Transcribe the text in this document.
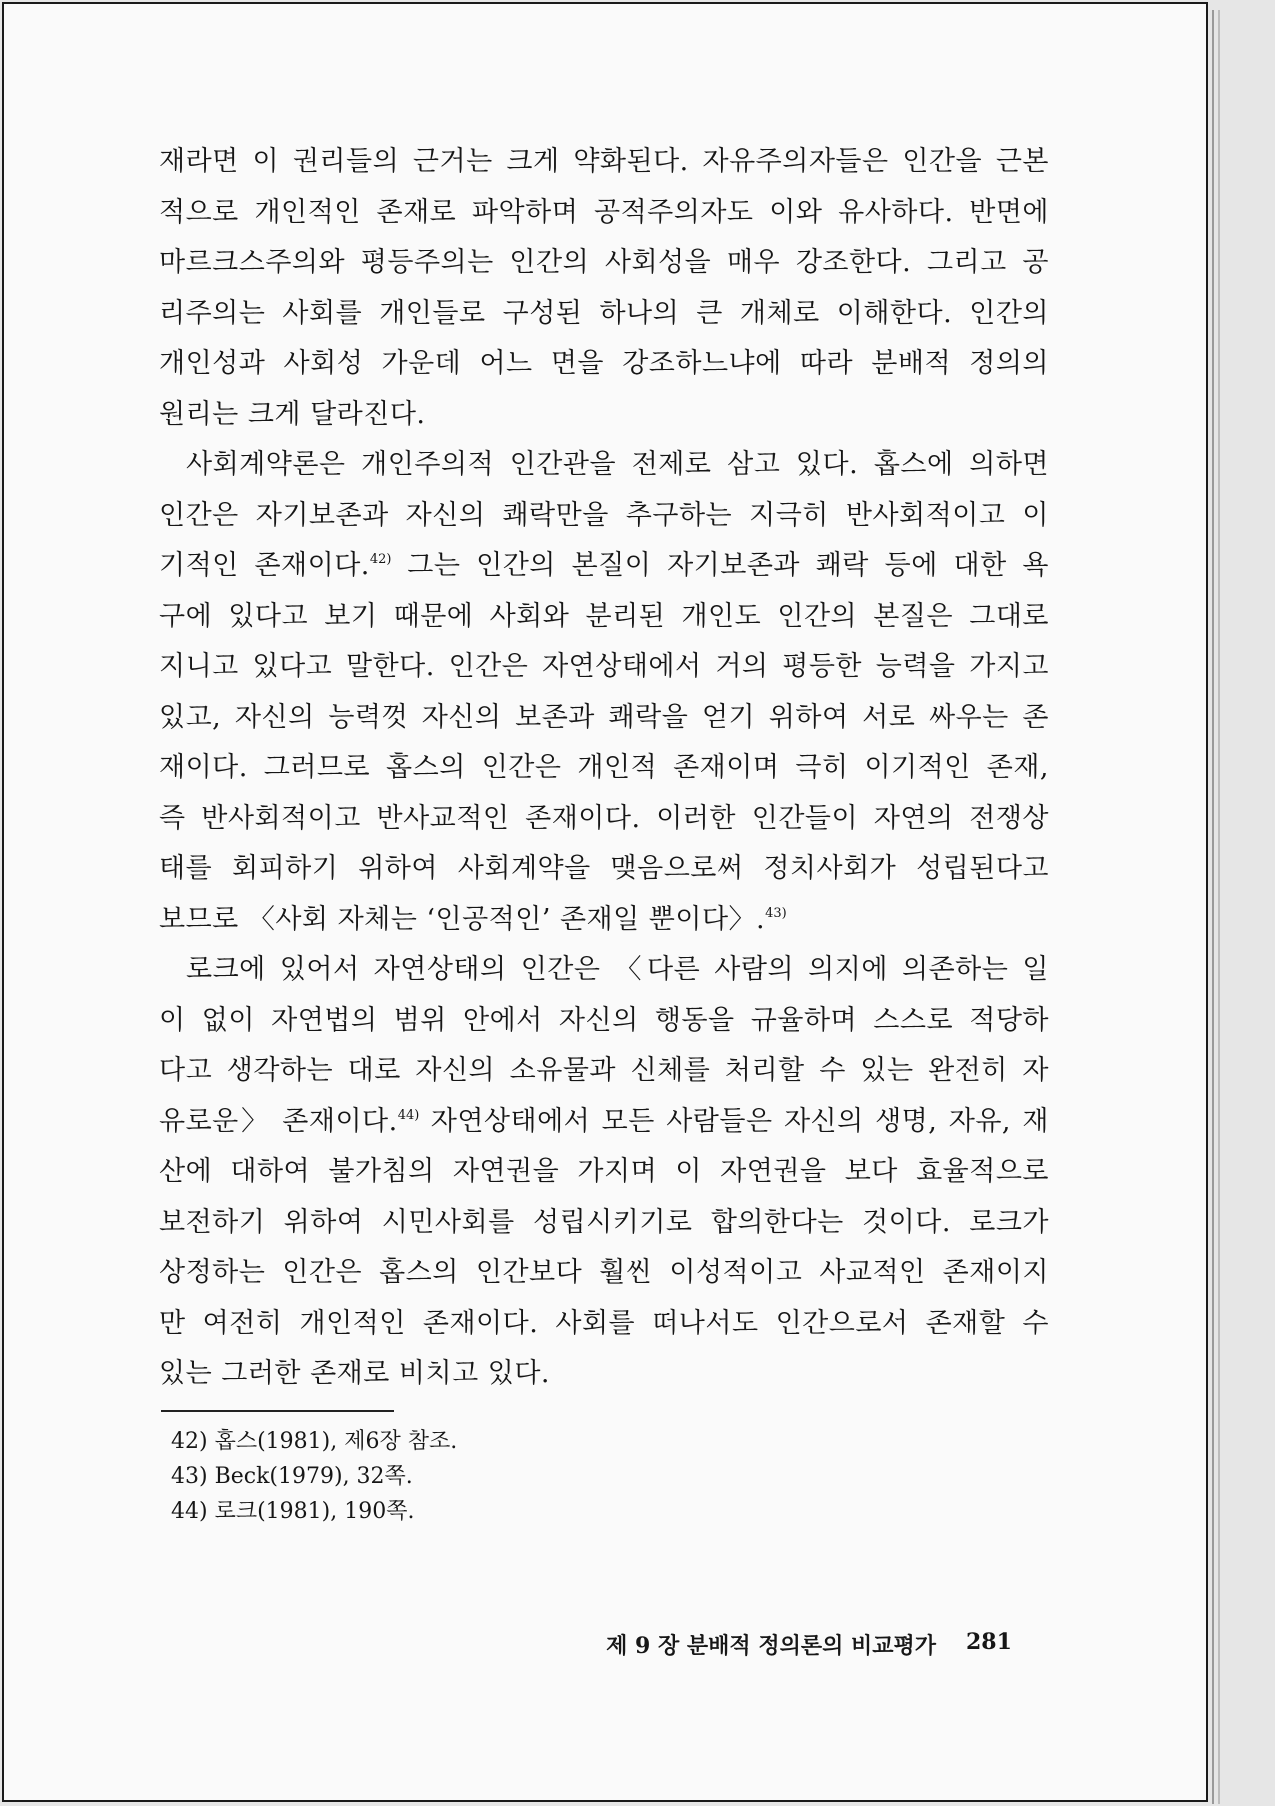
재라면 이 권리들의 근거는 크게 약화된다. 자유주의자들은 인간을 근본
적으로 개인적인 존재로 파악하며 공적주의자도 이와 유사하다. 반면에
마르크스주의와 평등주의는 인간의 사회성을 매우 강조한다. 그리고 공
리주의는 사회를 개인들로 구성된 하나의 큰 개체로 이해한다. 인간의
개인성과 사회성 가운데 어느 면을 강조하느냐에 따라 분배적 정의의
원리는 크게 달라진다.
사회계약론은 개인주의적 인간관을 전제로 삼고 있다. 홉스에 의하면
인간은 자기보존과 자신의 쾌락만을 추구하는 지극히 반사회적이고 이
기적인 존재이다.$^{42)}$ 그는 인간의 본질이 자기보존과 쾌락 등에 대한 욕
구에 있다고 보기 때문에 사회와 분리된 개인도 인간의 본질은 그대로
지니고 있다고 말한다. 인간은 자연상태에서 거의 평등한 능력을 가지고
있고, 자신의 능력껏 자신의 보존과 쾌락을 얻기 위하여 서로 싸우는 존
재이다. 그러므로 홉스의 인간은 개인적 존재이며 극히 이기적인 존재,
즉 반사회적이고 반사교적인 존재이다. 이러한 인간들이 자연의 전쟁상
태를 회피하기 위하여 사회계약을 맺음으로써 정치사회가 성립된다고
보므로 〈사회 자체는 ‘인공적인’ 존재일 뿐이다〉.$^{43)}$
로크에 있어서 자연상태의 인간은 〈다른 사람의 의지에 의존하는 일
이 없이 자연법의 범위 안에서 자신의 행동을 규율하며 스스로 적당하
다고 생각하는 대로 자신의 소유물과 신체를 처리할 수 있는 완전히 자
유로운〉 존재이다.$^{44)}$ 자연상태에서 모든 사람들은 자신의 생명, 자유, 재
산에 대하여 불가침의 자연권을 가지며 이 자연권을 보다 효율적으로
보전하기 위하여 시민사회를 성립시키기로 합의한다는 것이다. 로크가
상정하는 인간은 홉스의 인간보다 훨씬 이성적이고 사교적인 존재이지
만 여전히 개인적인 존재이다. 사회를 떠나서도 인간으로서 존재할 수
있는 그러한 존재로 비치고 있다.
42) 홉스(1981), 제6장 참조.
43) Beck(1979), 32쪽.
44) 로크(1981), 190쪽.
제 9 장 분배적 정의론의 비교평가 281
